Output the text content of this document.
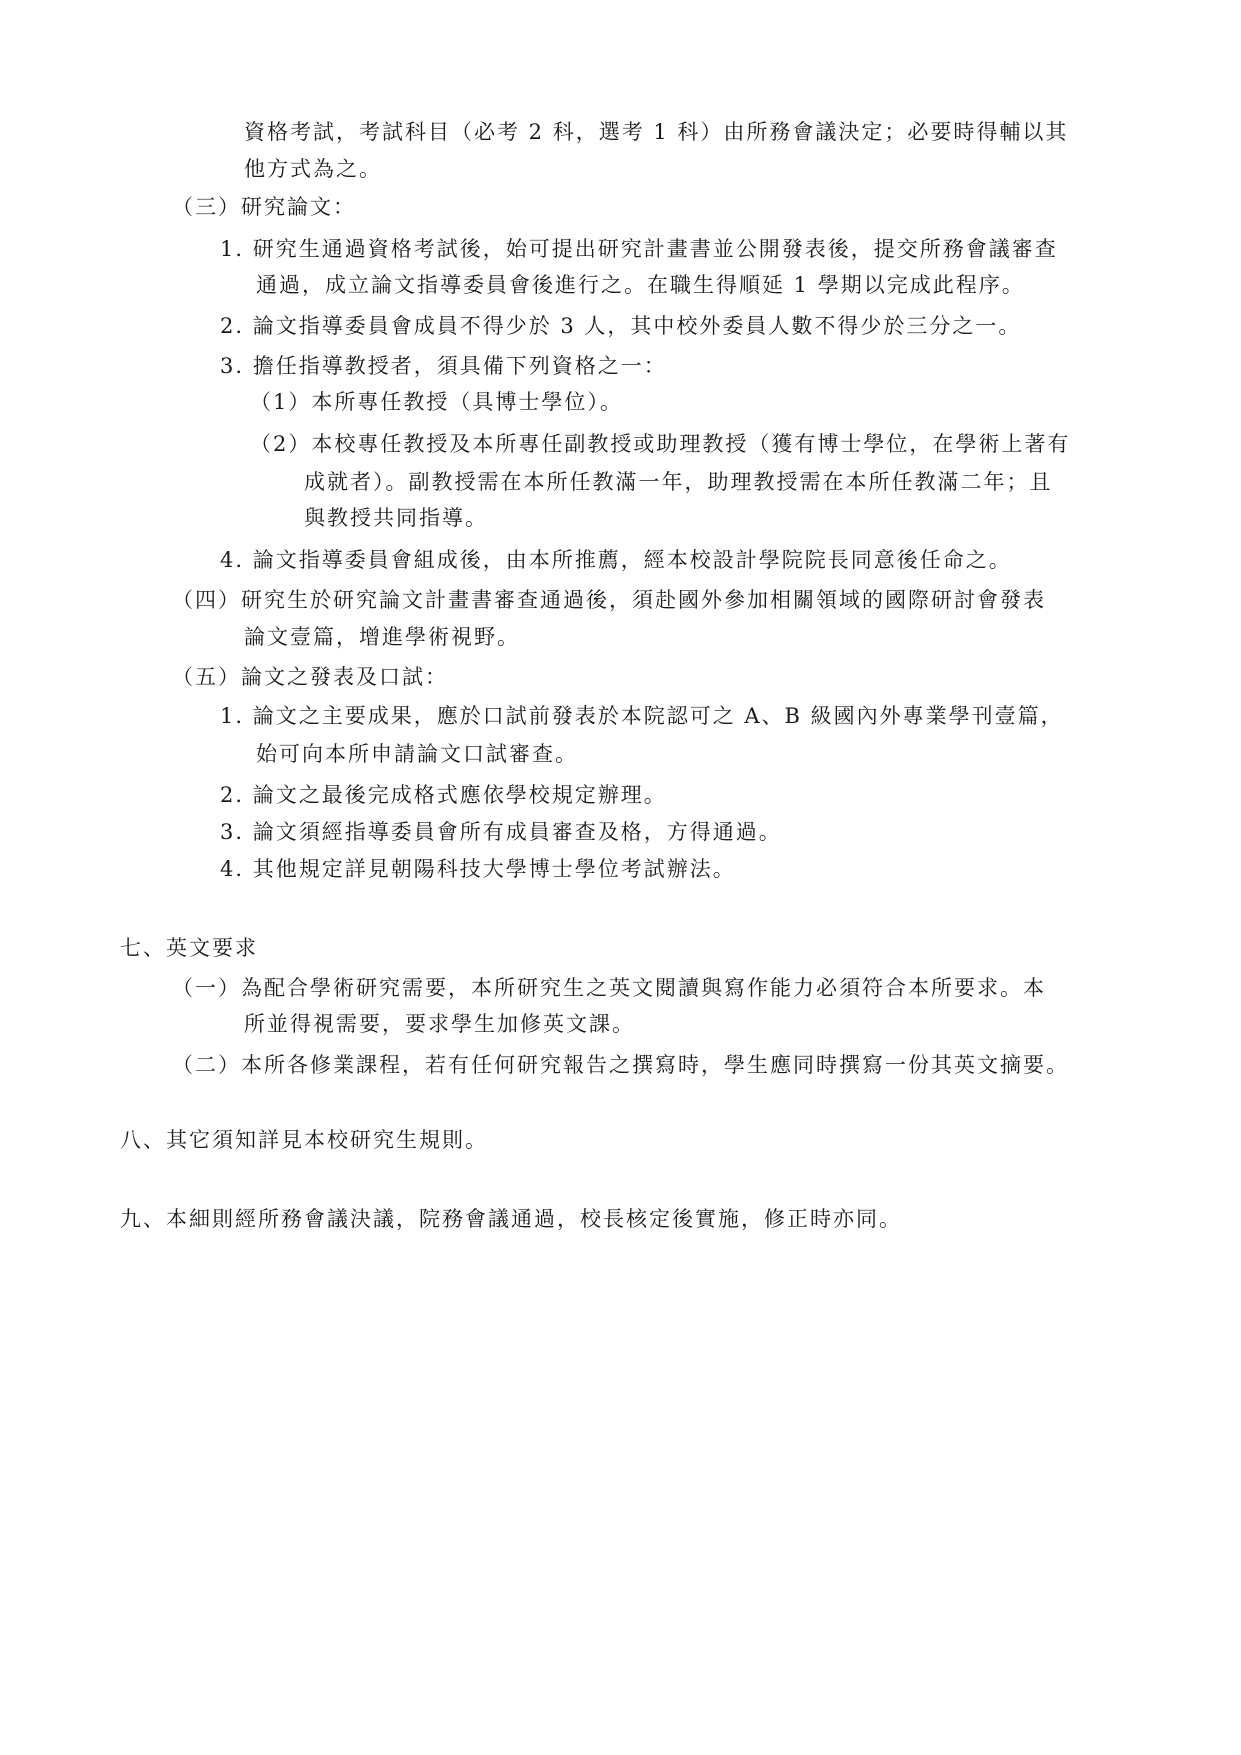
資格考試，考試科目（必考 2 科，選考 1 科）由所務會議決定；必要時得輔以其
他方式為之。
（三）研究論文：
1. 研究生通過資格考試後，始可提出研究計畫書並公開發表後，提交所務會議審查
通過，成立論文指導委員會後進行之。在職生得順延 1 學期以完成此程序。
2. 論文指導委員會成員不得少於 3 人，其中校外委員人數不得少於三分之一。
3. 擔任指導教授者，須具備下列資格之一：
（1）本所專任教授（具博士學位）。
（2）本校專任教授及本所專任副教授或助理教授（獲有博士學位，在學術上著有
成就者）。副教授需在本所任教滿一年，助理教授需在本所任教滿二年；且
與教授共同指導。
4. 論文指導委員會組成後，由本所推薦，經本校設計學院院長同意後任命之。
（四）研究生於研究論文計畫書審查通過後，須赴國外參加相關領域的國際研討會發表
論文壹篇，增進學術視野。
（五）論文之發表及口試：
1. 論文之主要成果，應於口試前發表於本院認可之 A、B 級國內外專業學刊壹篇，
始可向本所申請論文口試審查。
2. 論文之最後完成格式應依學校規定辦理。
3. 論文須經指導委員會所有成員審查及格，方得通過。
4. 其他規定詳見朝陽科技大學博士學位考試辦法。
七、英文要求
（一）為配合學術研究需要，本所研究生之英文閱讀與寫作能力必須符合本所要求。本
所並得視需要，要求學生加修英文課。
（二）本所各修業課程，若有任何研究報告之撰寫時，學生應同時撰寫一份其英文摘要。
八、其它須知詳見本校研究生規則。
九、本細則經所務會議決議，院務會議通過，校長核定後實施，修正時亦同。
